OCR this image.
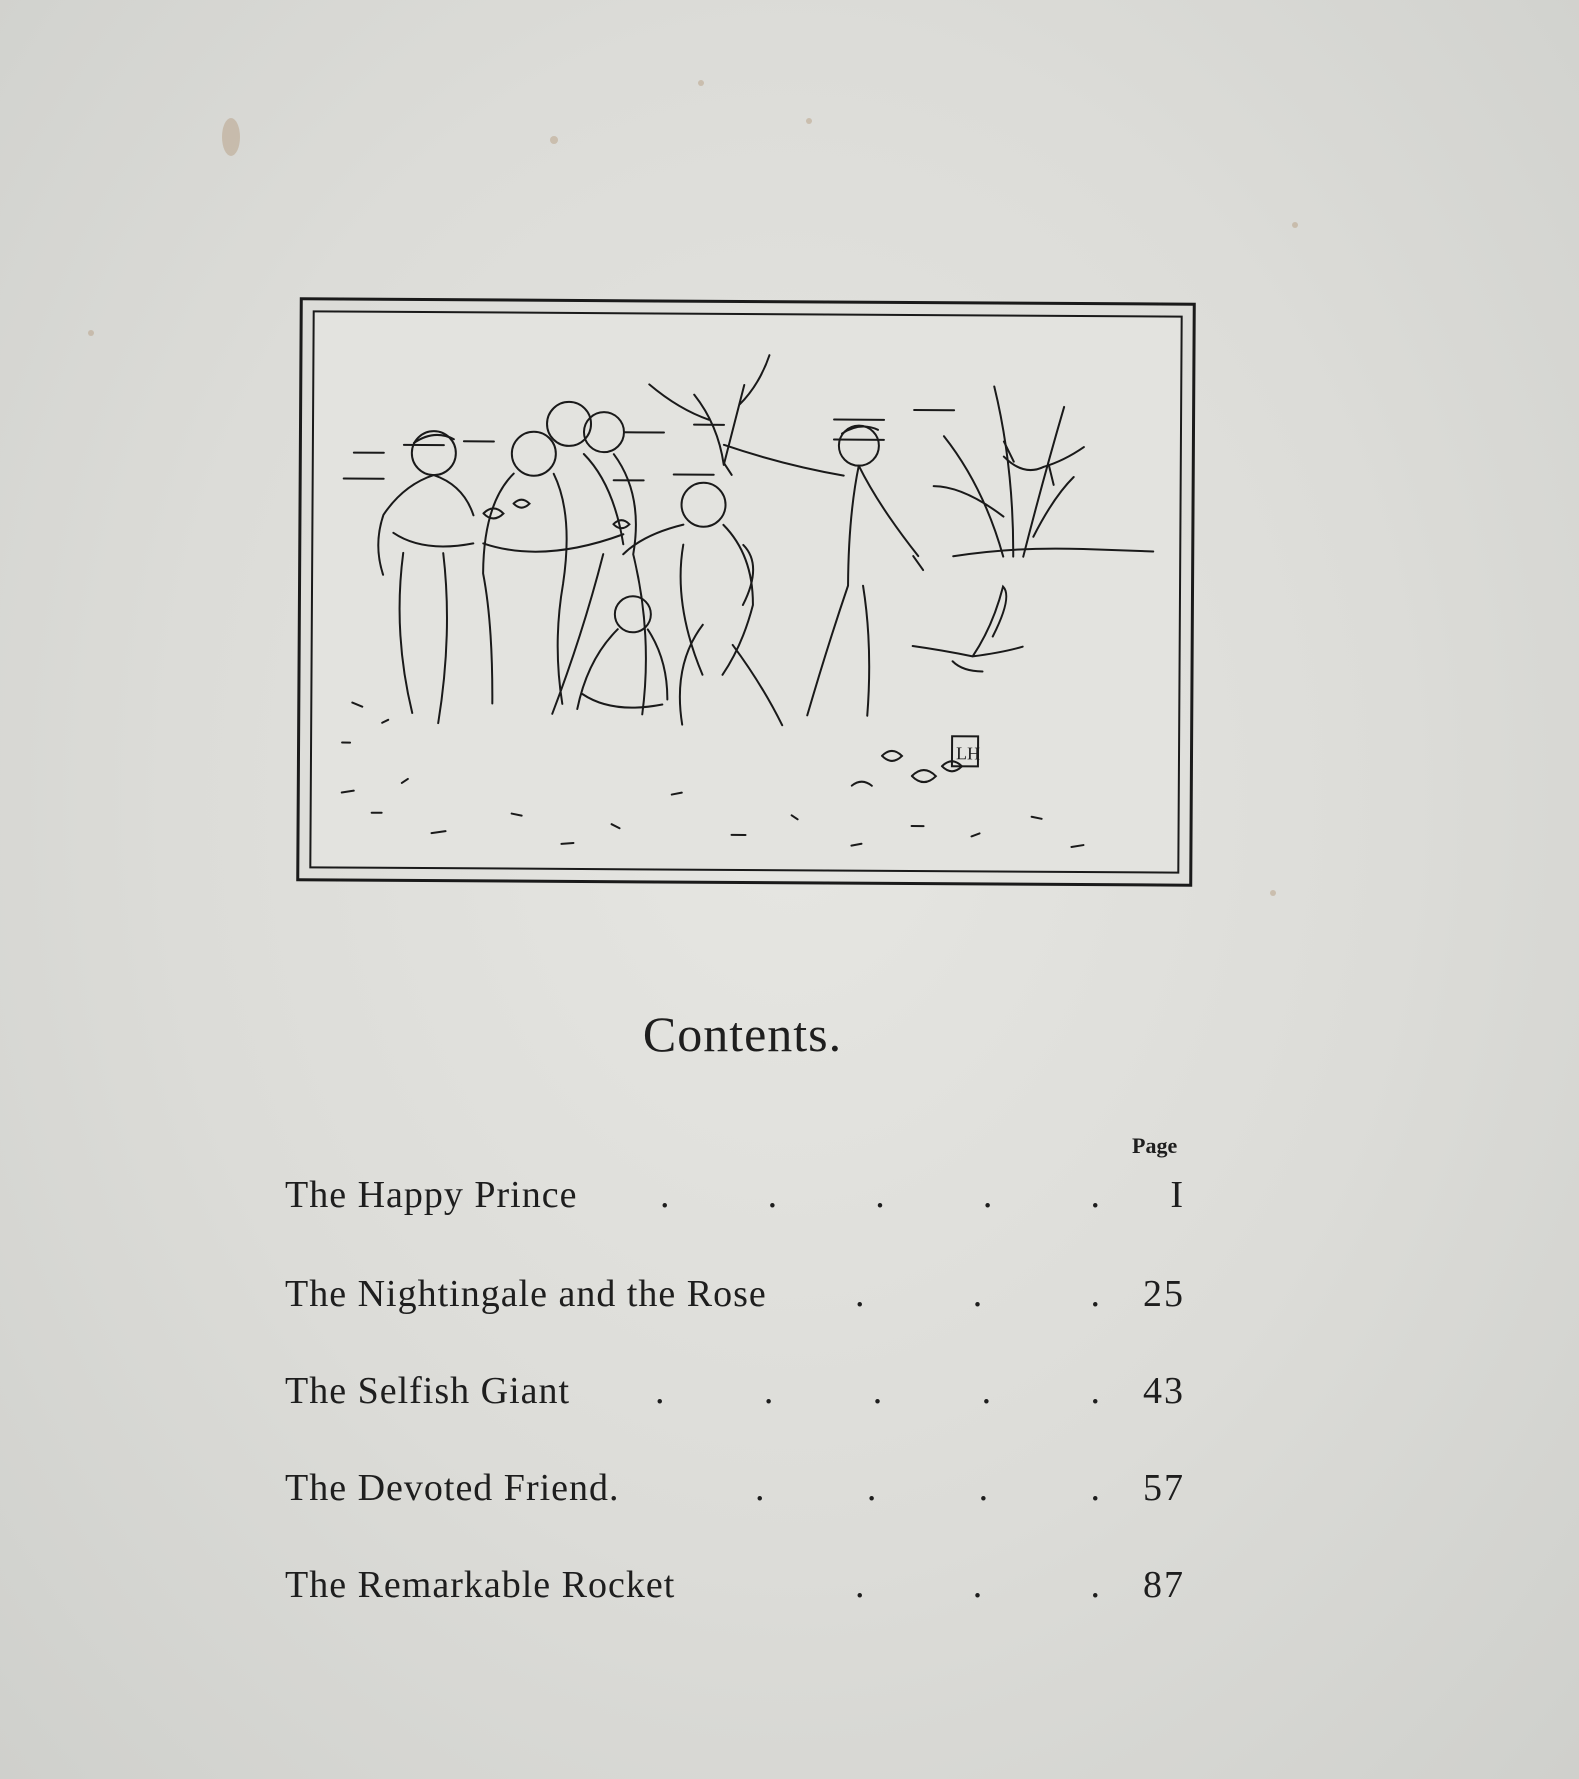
LH
Contents.
Page
The Happy Prince .	.	.	.	.	I
The Nightingale and the Rose .	.	.	25
The Selfish Giant .	.	.	.	.	43
The Devoted Friend.	.	.	.	.	57
The Remarkable Rocket	.	.	.	87
